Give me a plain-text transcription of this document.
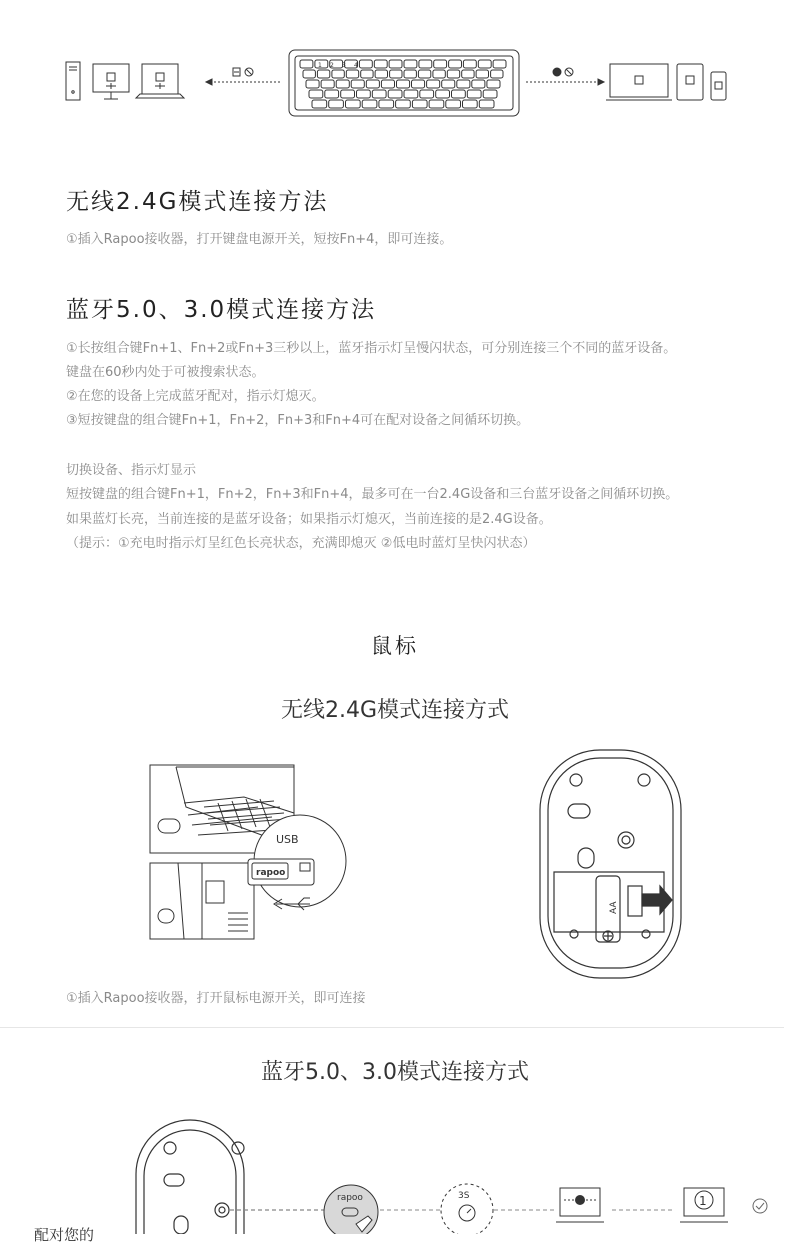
1 2 3 4
无线2.4G模式连接方法
①插入Rapoo接收器，打开键盘电源开关，短按Fn+4，即可连接。
蓝牙5.0、3.0模式连接方法
①长按组合键Fn+1、Fn+2或Fn+3三秒以上，蓝牙指示灯呈慢闪状态，可分别连接三个不同的蓝牙设备。
键盘在60秒内处于可被搜索状态。
②在您的设备上完成蓝牙配对，指示灯熄灭。
③短按键盘的组合键Fn+1，Fn+2，Fn+3和Fn+4可在配对设备之间循环切换。
切换设备、指示灯显示
短按键盘的组合键Fn+1，Fn+2，Fn+3和Fn+4，最多可在一台2.4G设备和三台蓝牙设备之间循环切换。
如果蓝灯长亮，当前连接的是蓝牙设备；如果指示灯熄灭，当前连接的是2.4G设备。
（提示：①充电时指示灯呈红色长亮状态，充满即熄灭 ②低电时蓝灯呈快闪状态）
鼠标
无线2.4G模式连接方式
rapoo
USB
AA
①插入Rapoo接收器，打开鼠标电源开关，即可连接
蓝牙5.0、3.0模式连接方式
rapoo	3S	1
配对您的
